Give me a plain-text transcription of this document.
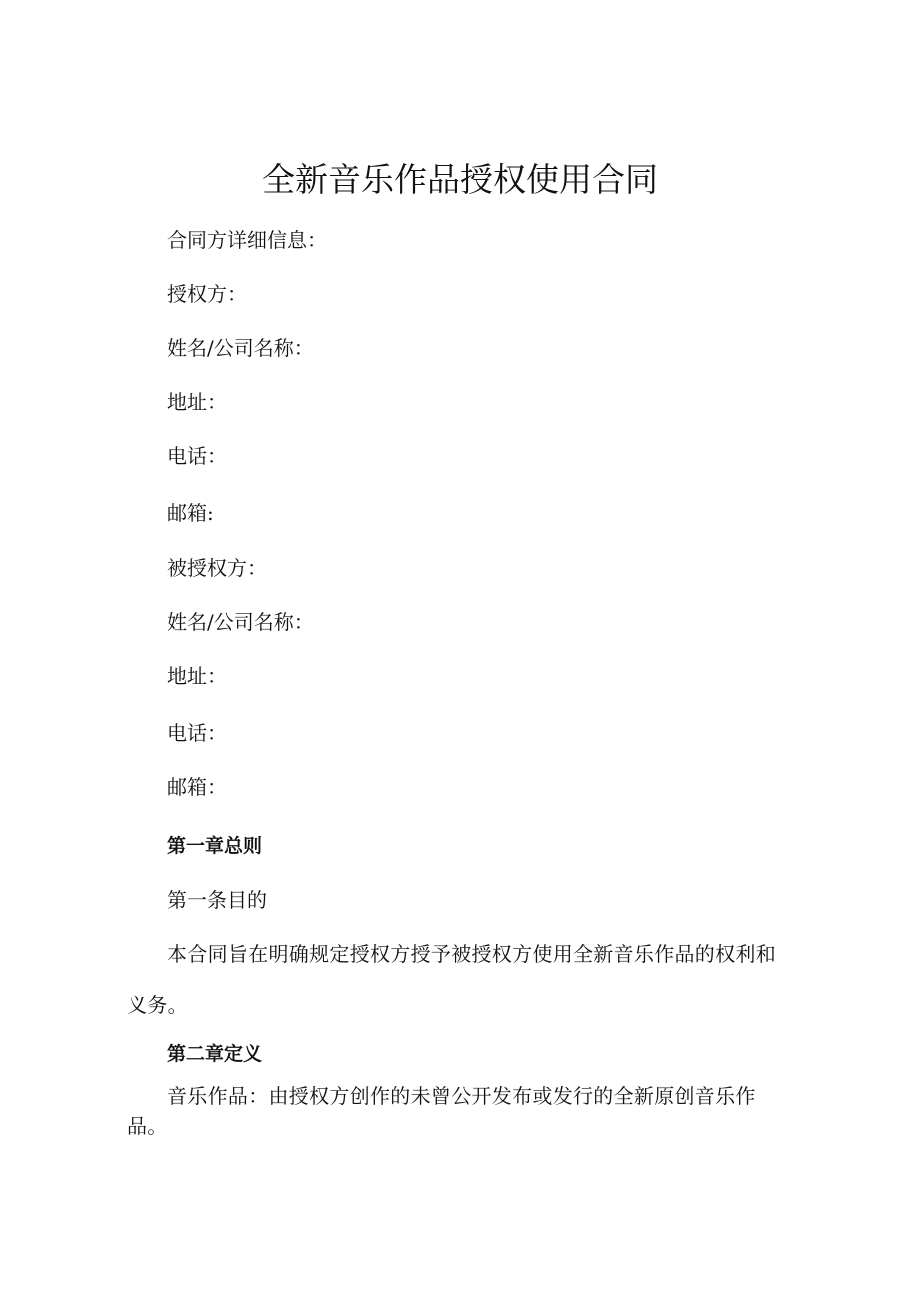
全新音乐作品授权使用合同
合同方详细信息：
授权方：
姓名/公司名称：
地址：
电话：
邮箱:
被授权方：
姓名/公司名称：
地址：
电话：
邮箱：
第一章总则
第一条目的
本合同旨在明确规定授权方授予被授权方使用全新音乐作品的权利和义务。
第二章定义
音乐作品：由授权方创作的未曾公开发布或发行的全新原创音乐作品。
